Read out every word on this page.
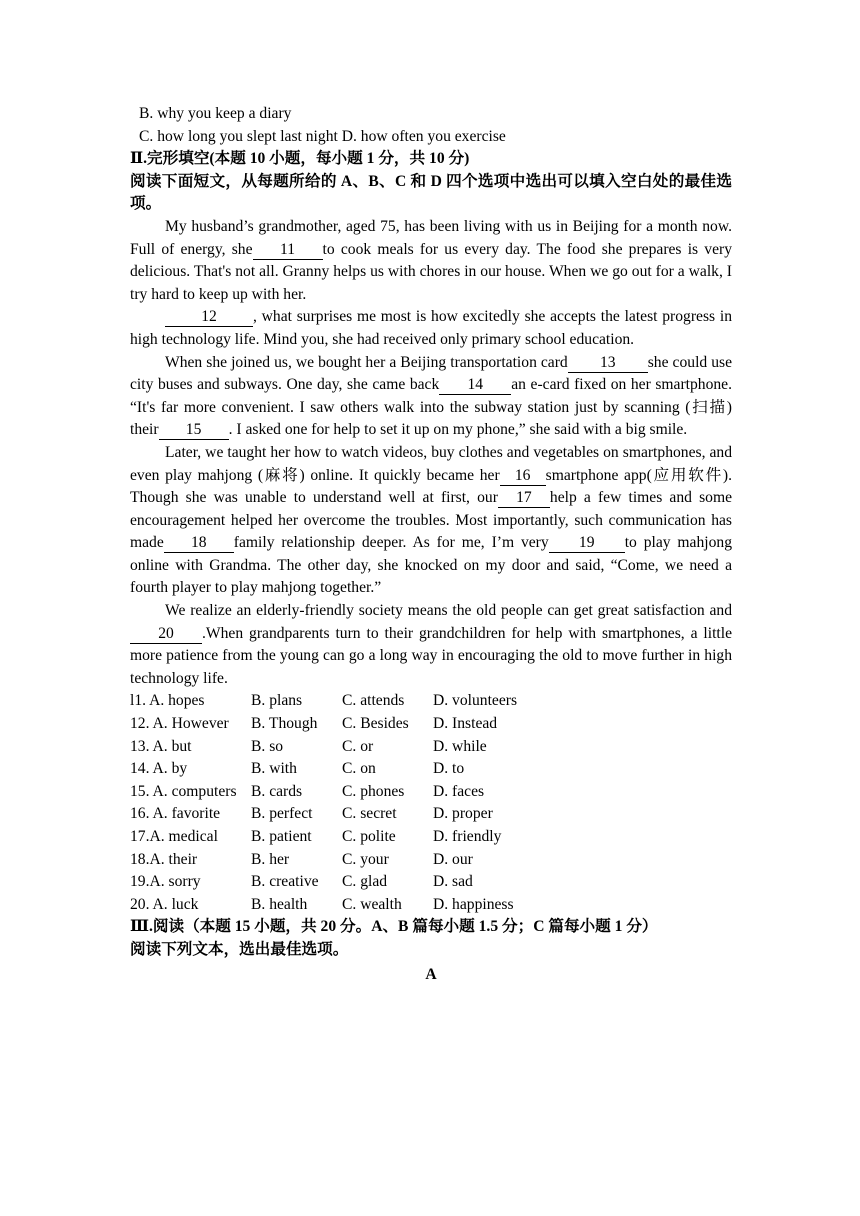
B. why you keep a diary
C. how long you slept last night D. how often you exercise
Ⅱ.完形填空(本题 10 小题，每小题 1 分，共 10 分)
阅读下面短文，从每题所给的 A、B、C 和 D 四个选项中选出可以填入空白处的最佳选项。

My husband’s grandmother, aged 75, has been living with us in Beijing for a month now. Full of energy, she 11 to cook meals for us every day. The food she prepares is very delicious. That's not all. Granny helps us with chores in our house. When we go out for a walk, I try hard to keep up with her.

12 , what surprises me most is how excitedly she accepts the latest progress in high technology life. Mind you, she had received only primary school education.

When she joined us, we bought her a Beijing transportation card 13 she could use city buses and subways. One day, she came back 14 an e-card fixed on her smartphone. “It's far more convenient. I saw others walk into the subway station just by scanning (扫描) their 15 . I asked one for help to set it up on my phone,” she said with a big smile.

Later, we taught her how to watch videos, buy clothes and vegetables on smartphones, and even play mahjong (麻将) online. It quickly became her 16 smartphone app(应用软件). Though she was unable to understand well at first, our 17 help a few times and some encouragement helped her overcome the troubles. Most importantly, such communication has made 18 family relationship deeper. As for me, I’m very 19 to play mahjong online with Grandma. The other day, she knocked on my door and said, “Come, we need a fourth player to play mahjong together.”

We realize an elderly-friendly society means the old people can get great satisfaction and20 .When grandparents turn to their grandchildren for help with smartphones, a little more patience from the young can go a long way in encouraging the old to move further in high technology life.

l1. A. hopes	B. plans	C. attends	D. volunteers
12. A. However	B. Though	C. Besides	D. Instead
13. A. but	B. so	C. or	D. while
14. A. by	B. with	C. on	D. to
15. A. computers B. cards	C. phones	D. faces
16. A. favorite	B. perfect	C. secret	D. proper
17.A. medical	B. patient	C. polite	D. friendly
18.A. their	B. her	C. your	D. our
19.A. sorry	B. creative	C. glad	D. sad
20. A. luck	B. health	C. wealth	D. happiness
Ⅲ.阅读（本题 15 小题，共 20 分。A、B 篇每小题 1.5 分；C 篇每小题 1 分）
阅读下列文本，选出最佳选项。
A
